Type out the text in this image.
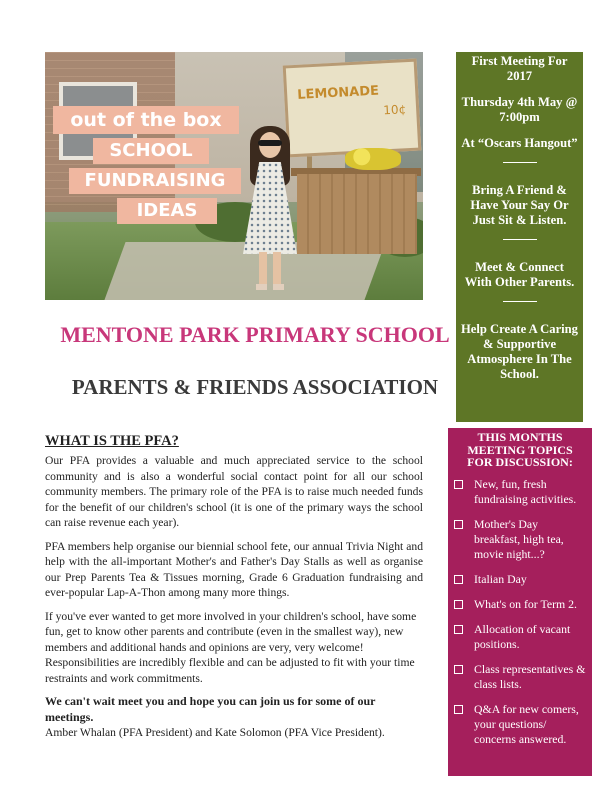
LEMONADE
10¢
out of the box
SCHOOL
FUNDRAISING
IDEAS
MENTONE PARK PRIMARY SCHOOL
PARENTS & FRIENDS ASSOCIATION
WHAT IS THE PFA?

Our PFA provides a valuable and much appreciated service to the school community and is also a wonderful social contact point for all our school community members. The primary role of the PFA is to raise much needed funds for the benefit of our children's school (it is one of the primary ways the school can raise revenue each year).

PFA members help organise our biennial school fete, our annual Trivia Night and help with the all-important Mother's and Father's Day Stalls as well as organise our Prep Parents Tea & Tissues morning, Grade 6 Graduation fundraising and ever-popular Lap-A-Thon among many more things.

If you've ever wanted to get more involved in your children's school, have some fun, get to know other parents and contribute (even in the smallest way), new members and additional hands and opinions are very, very welcome! Responsibilities are incredibly flexible and can be adjusted to fit with your time restraints and work commitments.

We can't wait meet you and hope you can join us for some of our meetings.

Amber Whalan (PFA President) and Kate Solomon (PFA Vice President).

First Meeting For 2017

Thursday 4th May @ 7:00pm

At “Oscars Hangout”

Bring A Friend & Have Your Say Or Just Sit & Listen.

Meet & Connect With Other Parents.

Help Create A Caring & Supportive Atmosphere In The School.

THIS MONTHS MEETING TOPICS FOR DISCUSSION:
New, fun, fresh fundraising activities.
Mother's Day breakfast, high tea, movie night...?
Italian Day
What's on for Term 2.
Allocation of vacant positions.
Class representatives & class lists.
Q&A for new comers, your questions/ concerns answered.
